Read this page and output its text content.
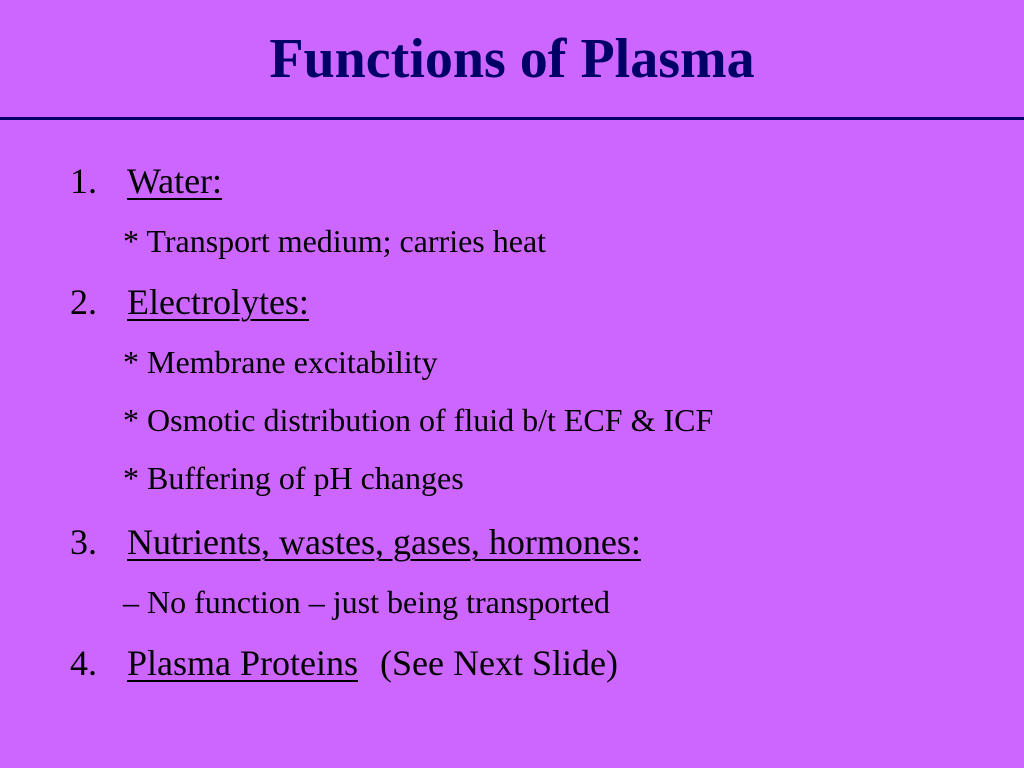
Functions of Plasma
1. Water:
* Transport medium; carries heat
2. Electrolytes:
* Membrane excitability
* Osmotic distribution of fluid b/t ECF & ICF
* Buffering of pH changes
3. Nutrients, wastes, gases, hormones:
– No function – just being transported
4. Plasma Proteins (See Next Slide)
